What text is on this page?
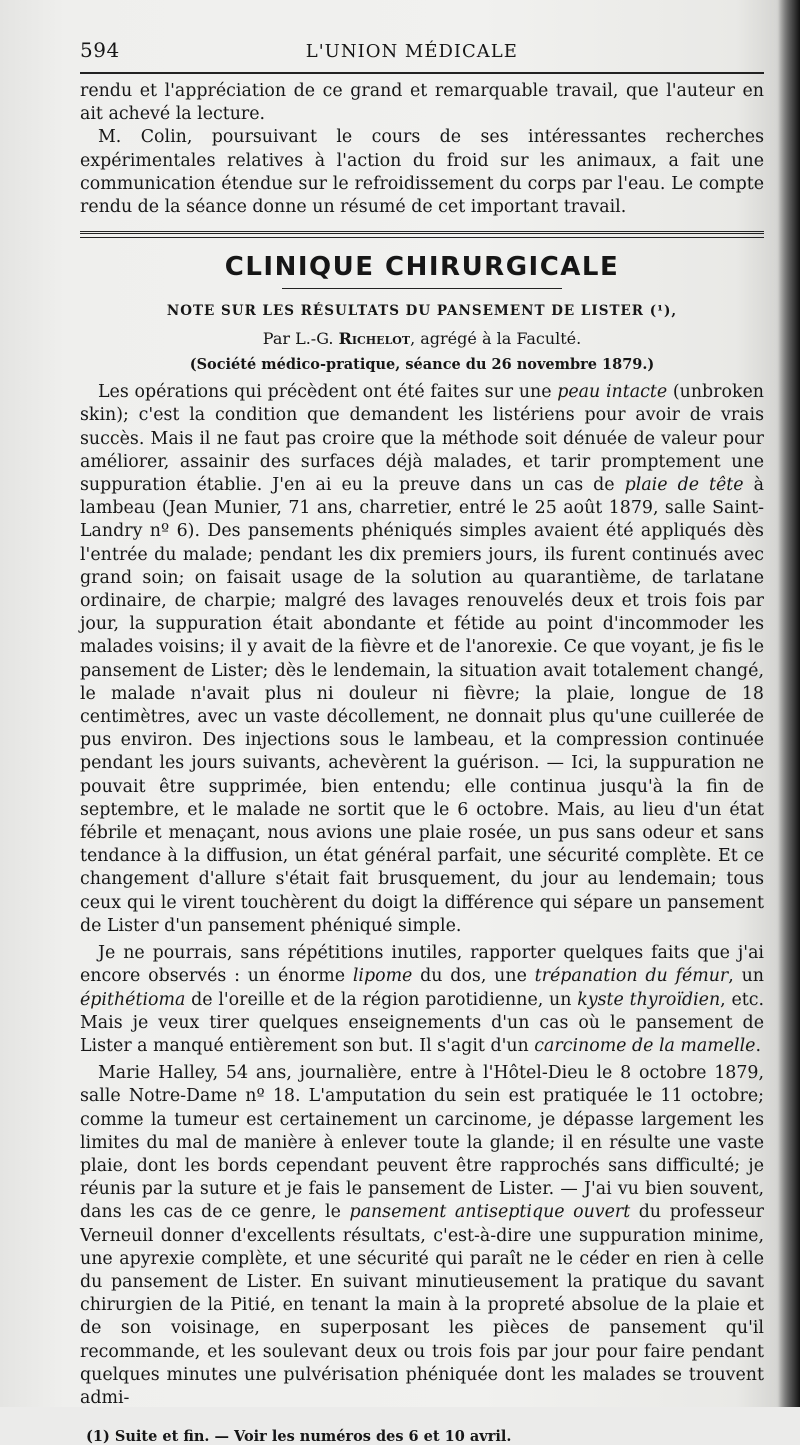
594	L'UNION MÉDICALE

rendu et l'appréciation de ce grand et remarquable travail, que l'auteur en ait achevé la lecture.

M. Colin, poursuivant le cours de ses intéressantes recherches expérimentales relatives à l'action du froid sur les animaux, a fait une communication étendue sur le refroidissement du corps par l'eau. Le compte rendu de la séance donne un résumé de cet important travail.

CLINIQUE CHIRURGICALE
NOTE SUR LES RÉSULTATS DU PANSEMENT DE LISTER (¹),
Par L.-G. Richelot, agrégé à la Faculté.
(Société médico-pratique, séance du 26 novembre 1879.)

Les opérations qui précèdent ont été faites sur une peau intacte (unbroken skin); c'est la condition que demandent les listériens pour avoir de vrais succès. Mais il ne faut pas croire que la méthode soit dénuée de valeur pour améliorer, assainir des surfaces déjà malades, et tarir promptement une suppuration établie. J'en ai eu la preuve dans un cas de plaie de tête à lambeau (Jean Munier, 71 ans, charretier, entré le 25 août 1879, salle Saint-Landry nº 6). Des pansements phéniqués simples avaient été appliqués dès l'entrée du malade; pendant les dix premiers jours, ils furent continués avec grand soin; on faisait usage de la solution au quarantième, de tarlatane ordinaire, de charpie; malgré des lavages renouvelés deux et trois fois par jour, la suppuration était abondante et fétide au point d'incommoder les malades voisins; il y avait de la fièvre et de l'anorexie. Ce que voyant, je fis le pansement de Lister; dès le lendemain, la situation avait totalement changé, le malade n'avait plus ni douleur ni fièvre; la plaie, longue de 18 centimètres, avec un vaste décollement, ne donnait plus qu'une cuillerée de pus environ. Des injections sous le lambeau, et la compression continuée pendant les jours suivants, achevèrent la guérison. — Ici, la suppuration ne pouvait être supprimée, bien entendu; elle continua jusqu'à la fin de septembre, et le malade ne sortit que le 6 octobre. Mais, au lieu d'un état fébrile et menaçant, nous avions une plaie rosée, un pus sans odeur et sans tendance à la diffusion, un état général parfait, une sécurité complète. Et ce changement d'allure s'était fait brusquement, du jour au lendemain; tous ceux qui le virent touchèrent du doigt la différence qui sépare un pansement de Lister d'un pansement phéniqué simple.

Je ne pourrais, sans répétitions inutiles, rapporter quelques faits que j'ai encore observés : un énorme lipome du dos, une trépanation du fémur, un épithétioma de l'oreille et de la région parotidienne, un kyste thyroïdien, etc. Mais je veux tirer quelques enseignements d'un cas où le pansement de Lister a manqué entièrement son but. Il s'agit d'un carcinome de la mamelle.

Marie Halley, 54 ans, journalière, entre à l'Hôtel-Dieu le 8 octobre 1879, salle Notre-Dame nº 18. L'amputation du sein est pratiquée le 11 octobre; comme la tumeur est certainement un carcinome, je dépasse largement les limites du mal de manière à enlever toute la glande; il en résulte une vaste plaie, dont les bords cependant peuvent être rapprochés sans difficulté; je réunis par la suture et je fais le pansement de Lister. — J'ai vu bien souvent, dans les cas de ce genre, le pansement antiseptique ouvert du professeur Verneuil donner d'excellents résultats, c'est-à-dire une suppuration minime, une apyrexie complète, et une sécurité qui paraît ne le céder en rien à celle du pansement de Lister. En suivant minutieusement la pratique du savant chirurgien de la Pitié, en tenant la main à la propreté absolue de la plaie et de son voisinage, en superposant les pièces de pansement qu'il recommande, et les soulevant deux ou trois fois par jour pour faire pendant quelques minutes une pulvérisation phéniquée dont les malades se trouvent admi-

(1) Suite et fin. — Voir les numéros des 6 et 10 avril.
